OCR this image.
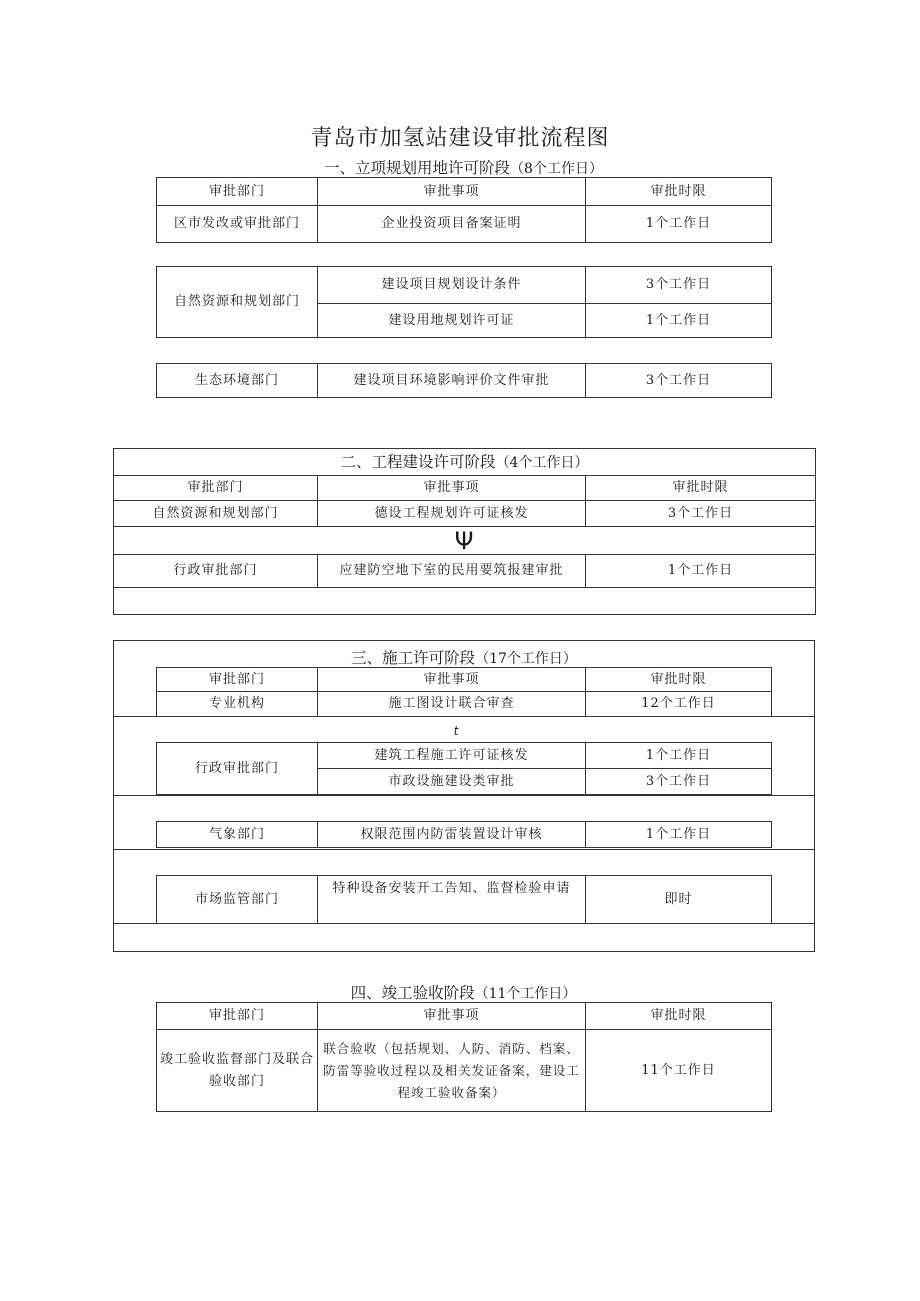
青岛市加氢站建设审批流程图
一、立项规划用地许可阶段（8个工作日）
审批部门	审批事项	审批时限
区市发改或审批部门	企业投资项目备案证明	1个工作日
自然资源和规划部门	建设项目规划设计条件	3个工作日
	建设用地规划许可证	1个工作日
生态环境部门	建设项目环境影响评价文件审批	3个工作日
二、工程建设许可阶段（4个工作日）		
审批部门	审批事项	审批时限
自然资源和规划部门	德设工程规划许可证核发	3个工作日
Ψ		
行政审批部门	应建防空地下室的民用要筑报建审批	1个工作日

三、施工许可阶段（17个工作日）
审批部门	审批事项	审批时限
专业机构	施工图设计联合审查	12个工作日
t
行政审批部门	建筑工程施工许可证核发	1个工作日
	市政设施建设类审批	3个工作日
气象部门	权限范围内防雷装置设计审核	1个工作日
市场监管部门	特种设备安装开工告知、监督检验申请	即时
四、竣工验收阶段（11个工作日）
审批部门	审批事项	审批时限
竣工验收监督部门及联合验收部门	联合验收（包括规划、人防、消防、档案、防雷等验收过程以及相关发证备案，建设工程竣工验收备案）	11个工作日
